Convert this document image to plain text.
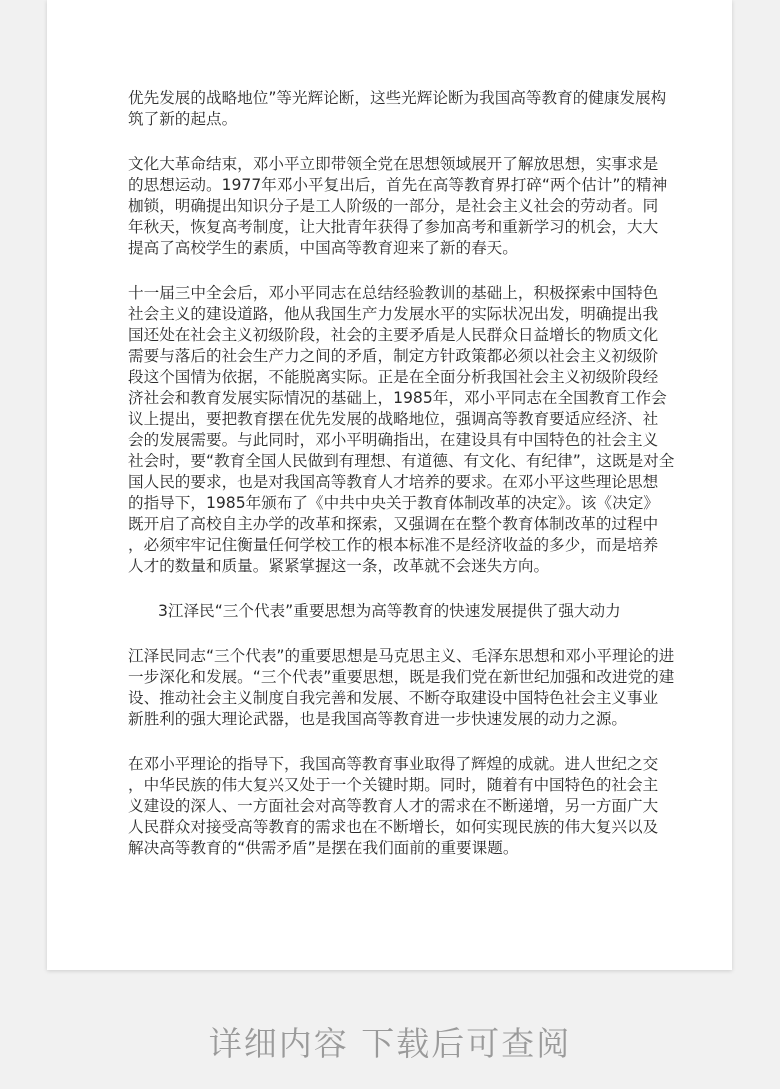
优先发展的战略地位”等光辉论断，这些光辉论断为我国高等教育的健康发展构
筑了新的起点。
文化大革命结束，邓小平立即带领全党在思想领域展开了解放思想，实事求是
的思想运动。1977年邓小平复出后，首先在高等教育界打碎“两个估计”的精神
枷锁，明确提出知识分子是工人阶级的一部分，是社会主义社会的劳动者。同
年秋天，恢复高考制度，让大批青年获得了参加高考和重新学习的机会，大大
提高了高校学生的素质，中国高等教育迎来了新的春天。
十一届三中全会后，邓小平同志在总结经验教训的基础上，积极探索中国特色
社会主义的建设道路，他从我国生产力发展水平的实际状况出发，明确提出我
国还处在社会主义初级阶段，社会的主要矛盾是人民群众日益增长的物质文化
需要与落后的社会生产力之间的矛盾，制定方针政策都必须以社会主义初级阶
段这个国情为依据，不能脱离实际。正是在全面分析我国社会主义初级阶段经
济社会和教育发展实际情况的基础上，1985年，邓小平同志在全国教育工作会
议上提出，要把教育摆在优先发展的战略地位，强调高等教育要适应经济、社
会的发展需要。与此同时，邓小平明确指出，在建设具有中国特色的社会主义
社会时，要“教育全国人民做到有理想、有道德、有文化、有纪律”，这既是对全
国人民的要求，也是对我国高等教育人才培养的要求。在邓小平这些理论思想
的指导下，1985年颁布了《中共中央关于教育体制改革的决定》。该《决定》
既开启了高校自主办学的改革和探索，又强调在在整个教育体制改革的过程中
，必须牢牢记住衡量任何学校工作的根本标准不是经济收益的多少，而是培养
人才的数量和质量。紧紧掌握这一条，改革就不会迷失方向。
3江泽民“三个代表”重要思想为高等教育的快速发展提供了强大动力
江泽民同志“三个代表”的重要思想是马克思主义、毛泽东思想和邓小平理论的进
一步深化和发展。“三个代表”重要思想，既是我们党在新世纪加强和改进党的建
设、推动社会主义制度自我完善和发展、不断夺取建设中国特色社会主义事业
新胜利的强大理论武器，也是我国高等教育进一步快速发展的动力之源。
在邓小平理论的指导下，我国高等教育事业取得了辉煌的成就。进人世纪之交
，中华民族的伟大复兴又处于一个关键时期。同时，随着有中国特色的社会主
义建设的深人、一方面社会对高等教育人才的需求在不断递增，另一方面广大
人民群众对接受高等教育的需求也在不断增长，如何实现民族的伟大复兴以及
解决高等教育的“供需矛盾”是摆在我们面前的重要课题。
详细内容 下载后可查阅
